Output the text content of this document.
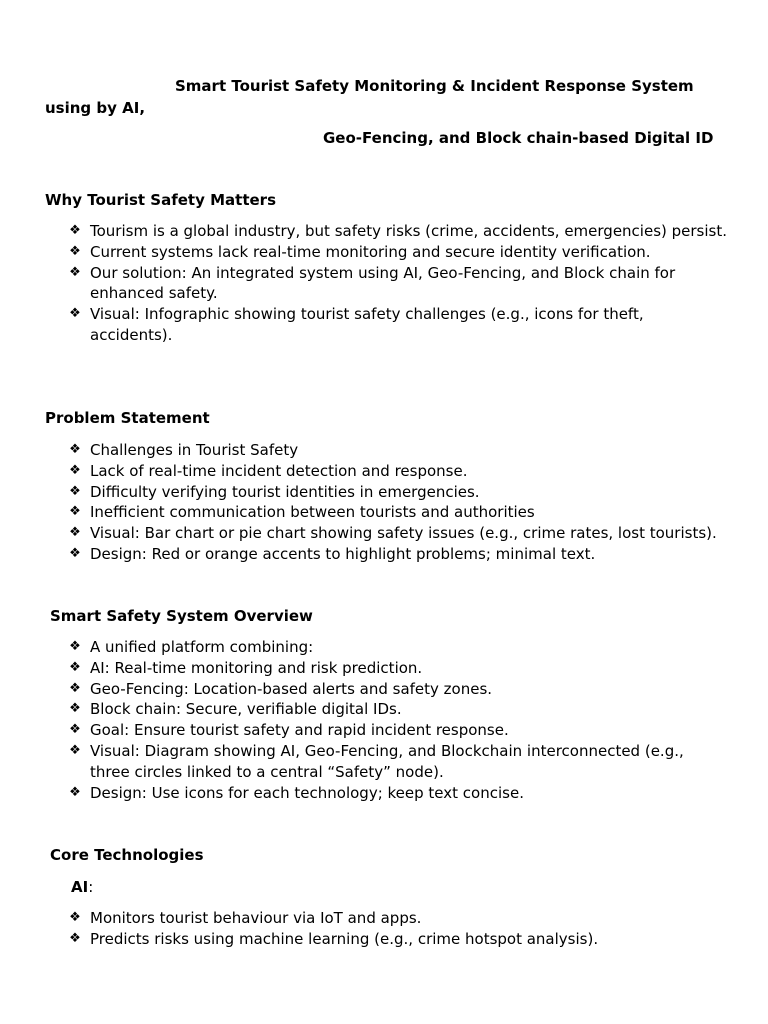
Smart Tourist Safety Monitoring & Incident Response System
using by AI,
Geo-Fencing, and Block chain-based Digital ID
Why Tourist Safety Matters
❖ Tourism is a global industry, but safety risks (crime, accidents, emergencies) persist.
❖ Current systems lack real-time monitoring and secure identity verification.
❖ Our solution: An integrated system using AI, Geo-Fencing, and Block chain for enhanced safety.
❖ Visual: Infographic showing tourist safety challenges (e.g., icons for theft, accidents).
Problem Statement
❖ Challenges in Tourist Safety
❖ Lack of real-time incident detection and response.
❖ Difficulty verifying tourist identities in emergencies.
❖ Inefficient communication between tourists and authorities
❖ Visual: Bar chart or pie chart showing safety issues (e.g., crime rates, lost tourists).
❖ Design: Red or orange accents to highlight problems; minimal text.
Smart Safety System Overview
❖ A unified platform combining:
❖ AI: Real-time monitoring and risk prediction.
❖ Geo-Fencing: Location-based alerts and safety zones.
❖ Block chain: Secure, verifiable digital IDs.
❖ Goal: Ensure tourist safety and rapid incident response.
❖ Visual: Diagram showing AI, Geo-Fencing, and Blockchain interconnected (e.g., three circles linked to a central “Safety” node).
❖ Design: Use icons for each technology; keep text concise.
Core Technologies
AI:
❖ Monitors tourist behaviour via IoT and apps.
❖ Predicts risks using machine learning (e.g., crime hotspot analysis).
